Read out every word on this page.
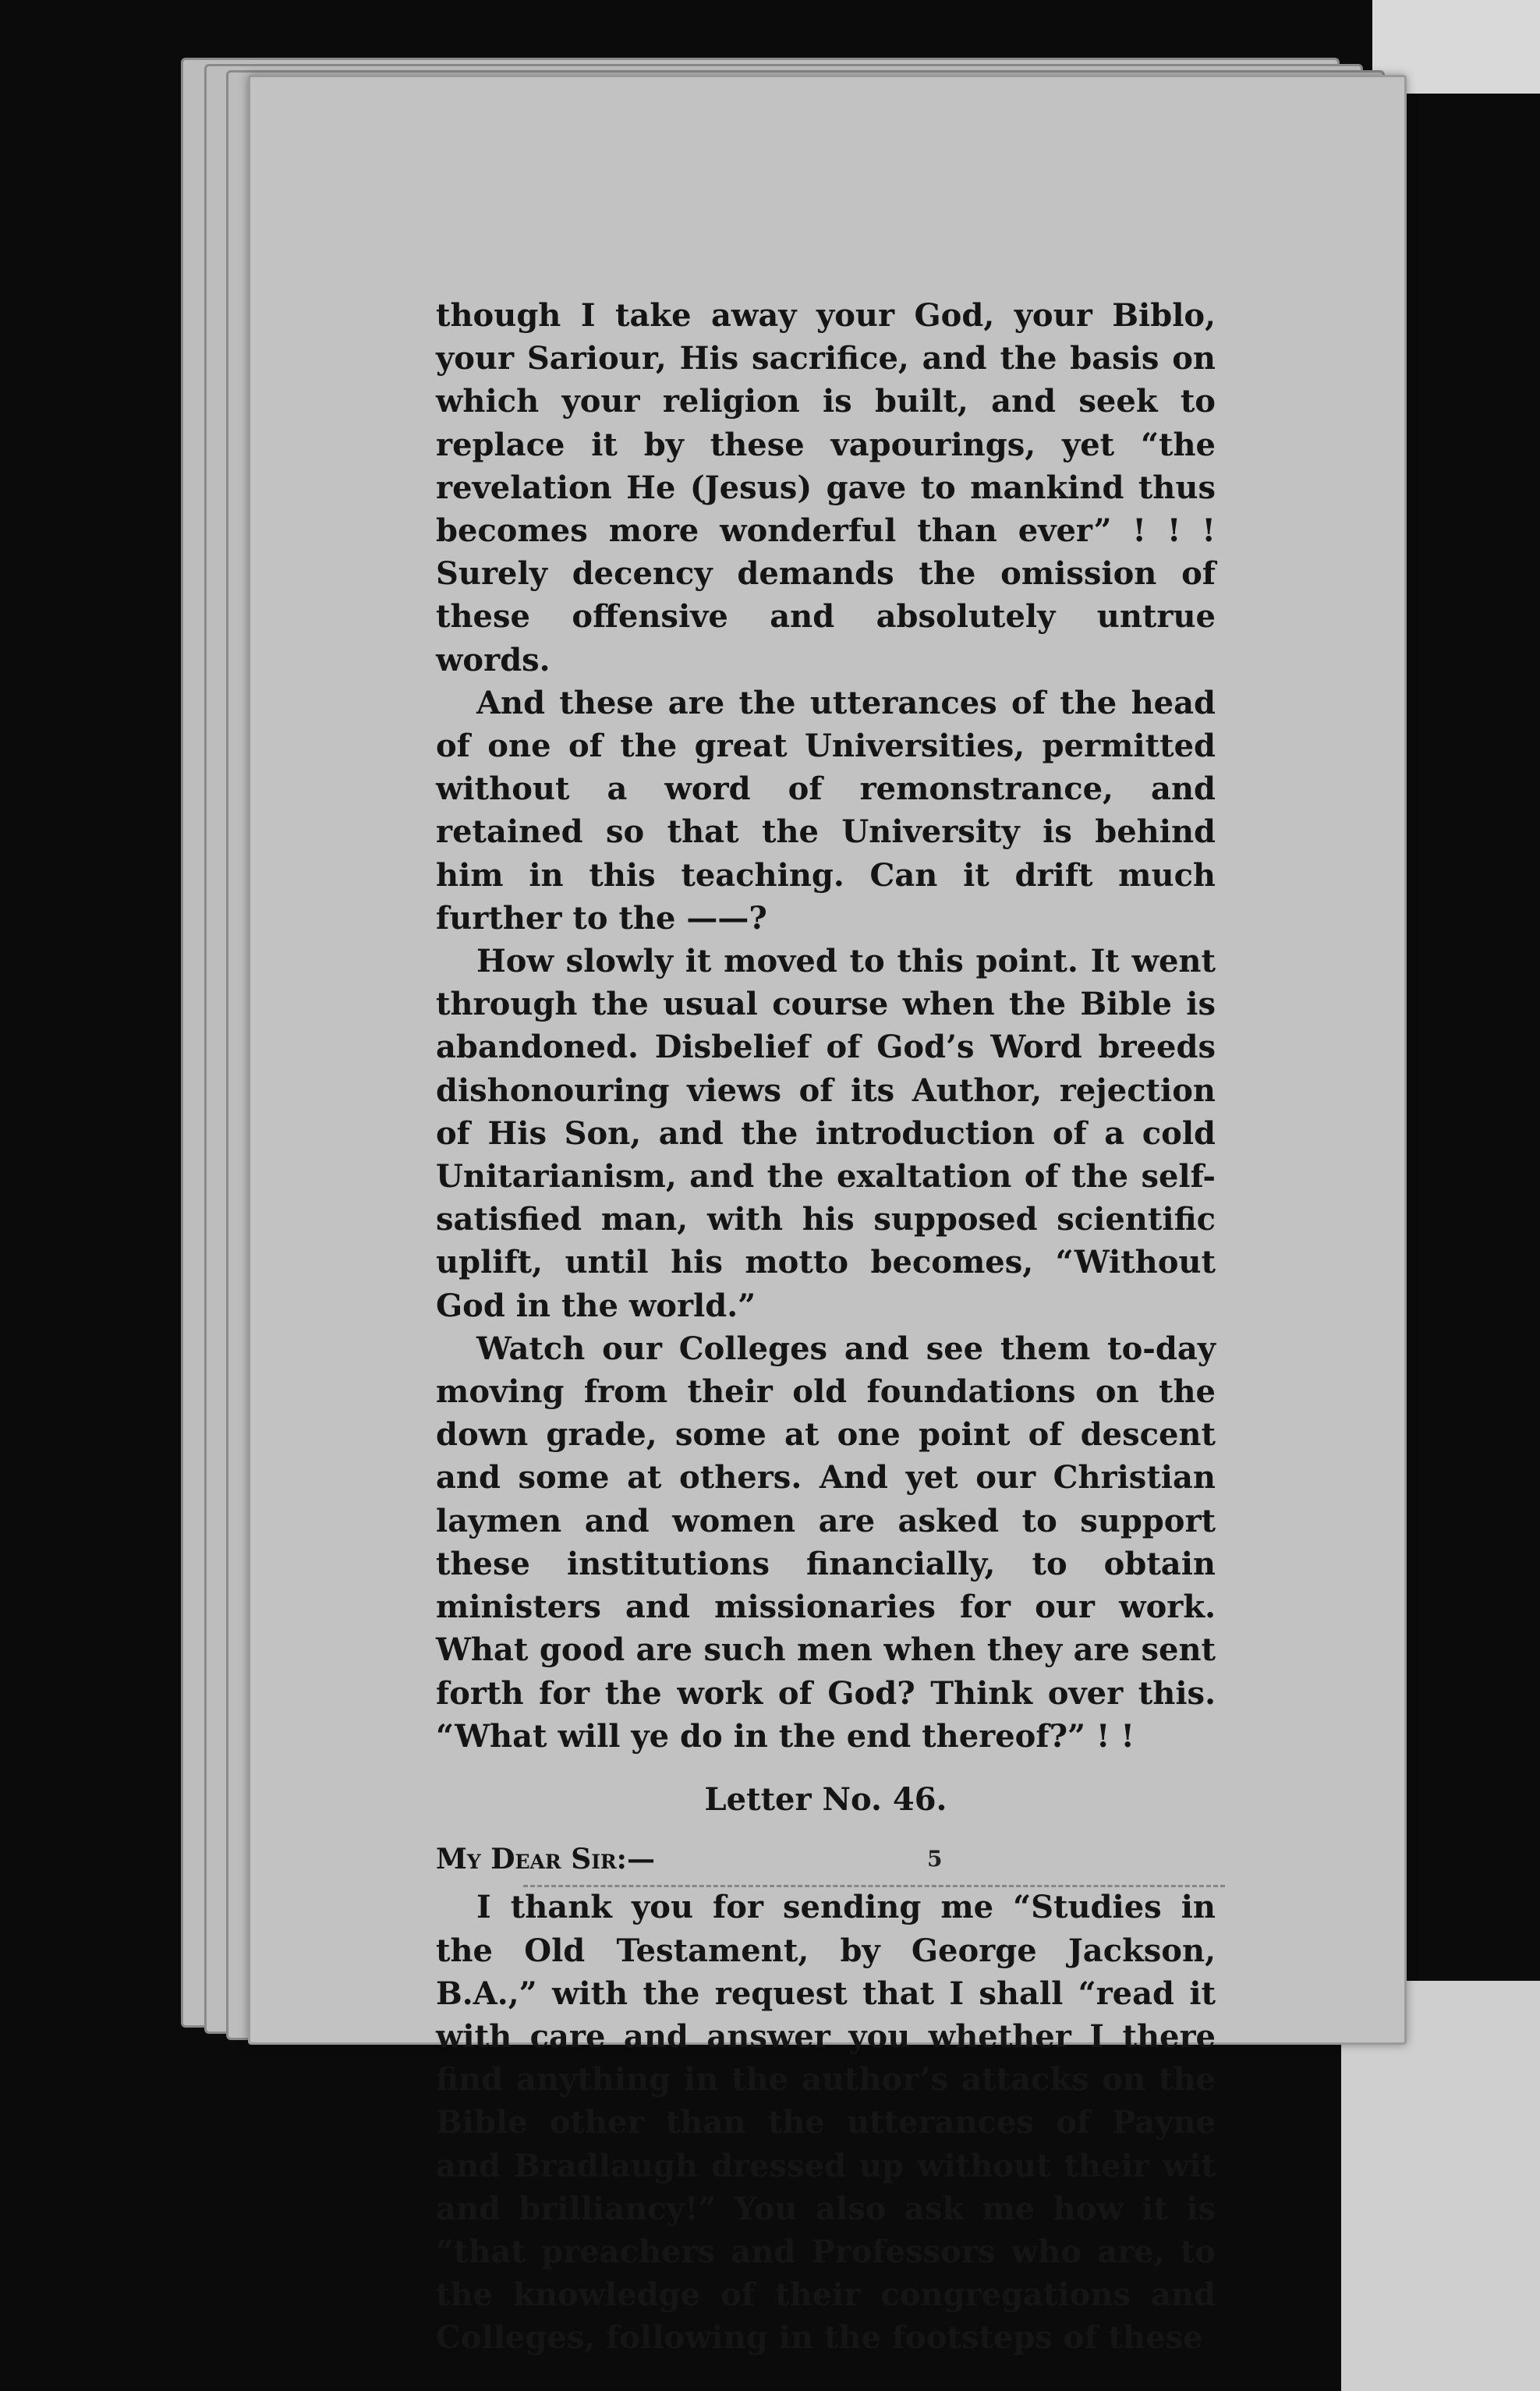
though I take away your God, your Biblo, your Sariour, His sacrifice, and the basis on which your religion is built, and seek to replace it by these vapourings, yet “the revelation He (Jesus) gave to mankind thus becomes more wonderful than ever” ! ! ! Surely decency demands the omission of these offensive and absolutely untrue words.

And these are the utterances of the head of one of the great Universities, permitted without a word of remonstrance, and retained so that the University is behind him in this teaching. Can it drift much further to the ——?

How slowly it moved to this point. It went through the usual course when the Bible is abandoned. Disbelief of God’s Word breeds dishonouring views of its Author, rejection of His Son, and the introduction of a cold Unitarianism, and the exaltation of the self-satisfied man, with his supposed scientific uplift, until his motto becomes, “Without God in the world.”

Watch our Colleges and see them to-day moving from their old foundations on the down grade, some at one point of descent and some at others. And yet our Christian laymen and women are asked to support these institutions financially, to obtain ministers and missionaries for our work. What good are such men when they are sent forth for the work of God? Think over this. “What will ye do in the end thereof?” ! !

Letter No. 46.

My Dear Sir:—

I thank you for sending me “Studies in the Old Testament, by George Jackson, B.A.,” with the request that I shall “read it with care and answer you whether I there find anything in the author’s attacks on the Bible other than the utterances of Payne and Bradlaugh dressed up without their wit and brilliancy!” You also ask me how it is “that preachers and Professors who are, to the knowledge of their congregations and Colleges, following in the footsteps of these

5
